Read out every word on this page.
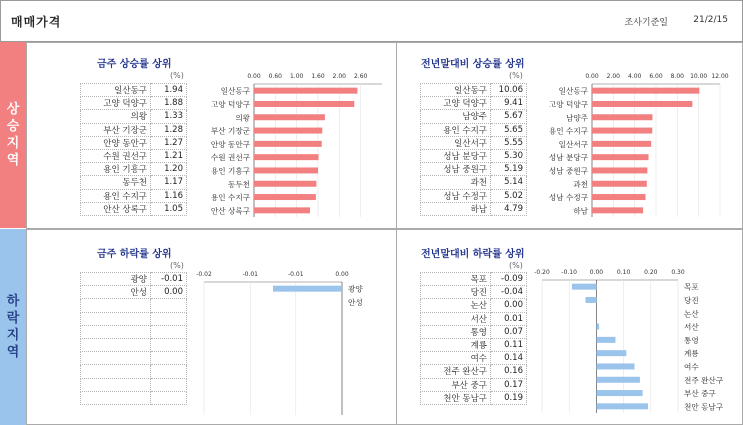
매매가격	조사기준일	21/2/15
상
승
지
역
하
락
지
역
금주 상승률 상위
(%)
일산동구	1.94
고양 덕양구	1.88
의왕	1.33
부산 기장군	1.28
안양 동안구	1.27
수원 권선구	1.21
용인 기흥구	1.20
동두천	1.17
용인 수지구	1.16
안산 상록구	1.05
0.00 0.60 1.00 1.60 2.00 2.60
일산동구
고양 덕양구
의왕
부산 기장군
안양 동안구
수원 권선구
용인 기흥구
동두천
용인 수지구
안산 상록구
전년말대비 상승률 상위
(%)
일산동구	10.06
고양 덕양구	9.41
남양주	5.67
용인 수지구	5.65
일산서구	5.55
성남 분당구	5.30
성남 중원구	5.19
과천	5.14
성남 수정구	5.02
하남	4.79
0.00 2.00 4.00 6.00 8.00 10.00 12.00
일산동구
고양 덕양구
남양주
용인 수지구
일산서구
성남 분당구
성남 중원구
과천
성남 수정구
하남
금주 하락률 상위
(%)
광양	-0.01
안성	0.00

-0.02	-0.01	-0.01	0.00
광양
안성
전년말대비 하락률 상위
(%)
목포	-0.09
당진	-0.04
논산	0.00
서산	0.01
통영	0.07
계룡	0.11
여수	0.14
전주 완산구	0.16
부산 중구	0.17
천안 동남구	0.19
-0.20 -0.10 0.00 0.10 0.20 0.30
목포
당진
논산
서산
통영
계룡
여수
전주 완산구
부산 중구
천안 동남구
